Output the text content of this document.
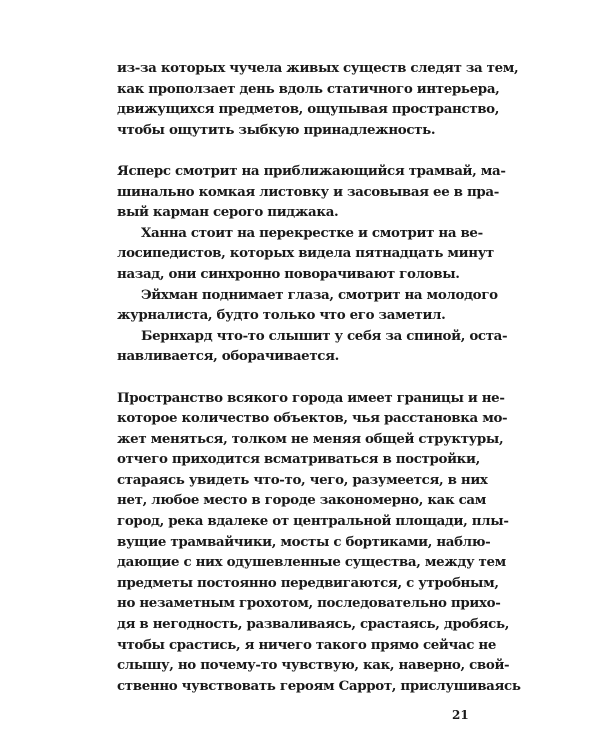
из-за которых чучела живых существ следят за тем,
как проползает день вдоль статичного интерьера,
движущихся предметов, ощупывая пространство,
чтобы ощутить зыбкую принадлежность.
Ясперс смотрит на приближающийся трамвай, ма-
шинально комкая листовку и засовывая ее в пра-
вый карман серого пиджака.
Ханна стоит на перекрестке и смотрит на ве-
лосипедистов, которых видела пятнадцать минут
назад, они синхронно поворачивают головы.
Эйхман поднимает глаза, смотрит на молодого
журналиста, будто только что его заметил.
Бернхард что-то слышит у себя за спиной, оста-
навливается, оборачивается.
Пространство всякого города имеет границы и не-
которое количество объектов, чья расстановка мо-
жет меняться, толком не меняя общей структуры,
отчего приходится всматриваться в постройки,
стараясь увидеть что-то, чего, разумеется, в них
нет, любое место в городе закономерно, как сам
город, река вдалеке от центральной площади, плы-
вущие трамвайчики, мосты с бортиками, наблю-
дающие с них одушевленные существа, между тем
предметы постоянно передвигаются, с утробным,
но незаметным грохотом, последовательно прихо-
дя в негодность, разваливаясь, срастаясь, дробясь,
чтобы срастись, я ничего такого прямо сейчас не
слышу, но почему-то чувствую, как, наверно, свой-
ственно чувствовать героям Саррот, прислушиваясь
21
